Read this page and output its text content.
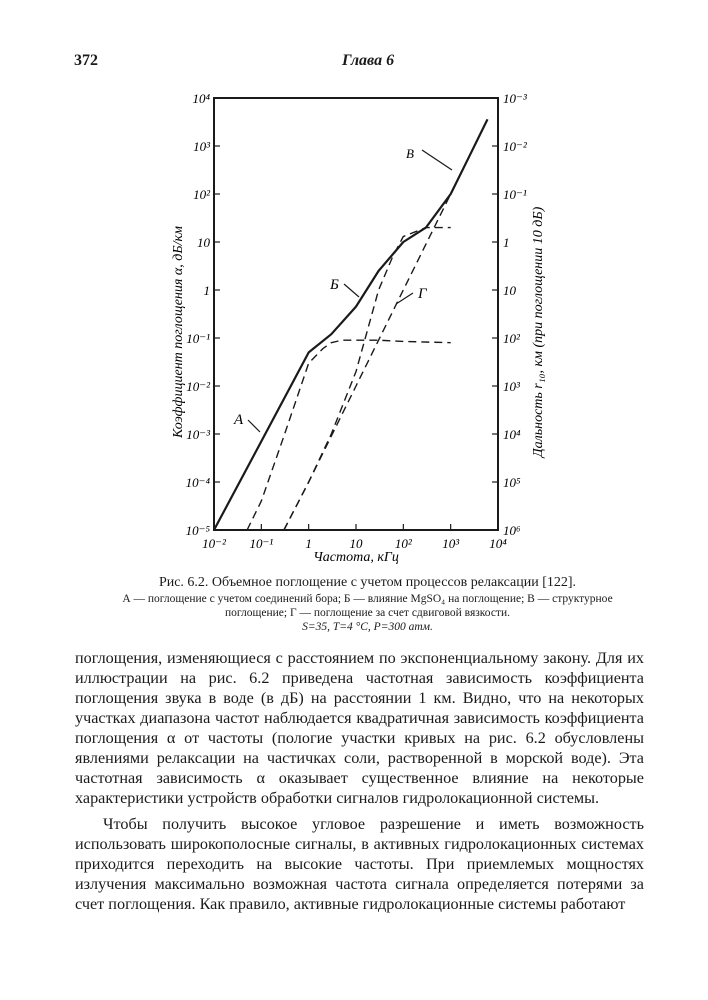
372	Глава 6
10⁻⁵
10⁻⁴
10⁻³
10⁻²
10⁻¹
1
10
10²
10³
10⁴
10⁶
10⁵
10⁴
10³
10²
10
1
10⁻¹
10⁻²
10⁻³
10⁻² 10⁻¹ 1	10 10² 10³ 10⁴
В
Б
Г
А
Коэффициент поглощения α, дБ/км	Дальность r₁₀, км (при поглощении 10 дБ)
Частота, кГц
Рис. 6.2. Объемное поглощение с учетом процессов релаксации [122].
А — поглощение с учетом соединений бора; Б — влияние MgSO₄ на поглощение; В — структурное поглощение; Г — поглощение за счет сдвиговой вязкости.
S=35, T=4 °C, P=300 атм.

поглощения, изменяющиеся с расстоянием по экспоненциальному закону. Для их иллюстрации на рис. 6.2 приведена частотная зависимость коэффициента поглощения звука в воде (в дБ) на расстоянии 1 км. Видно, что на некоторых участках диапазона частот наблюдается квадратичная зависимость коэффициента поглощения α от частоты (пологие участки кривых на рис. 6.2 обусловлены явлениями релаксации на частичках соли, растворенной в морской воде). Эта частотная зависимость α оказывает существенное влияние на некоторые характеристики устройств обработки сигналов гидролокационной системы.

Чтобы получить высокое угловое разрешение и иметь возможность использовать широкополосные сигналы, в активных гидролокационных системах приходится переходить на высокие частоты. При приемлемых мощностях излучения максимально возможная частота сигнала определяется потерями за счет поглощения. Как правило, активные гидролокационные системы работают
